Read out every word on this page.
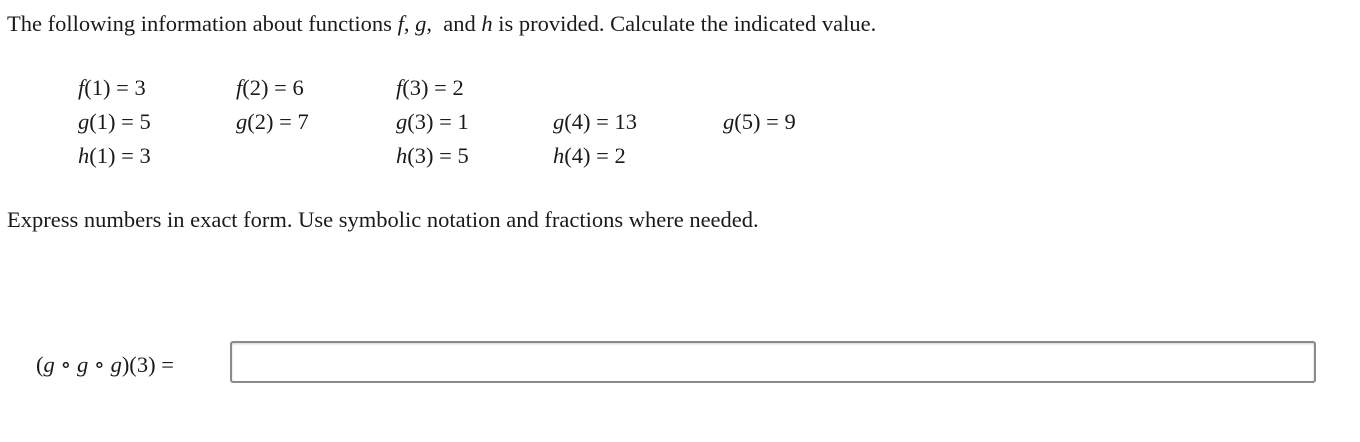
The following information about functions f, g, and h is provided. Calculate the indicated value.
f(1) = 3	f(2) = 6	f(3) = 2
g(1) = 5	g(2) = 7	g(3) = 1	g(4) = 13	g(5) = 9
h(1) = 3	h(3) = 5	h(4) = 2
Express numbers in exact form. Use symbolic notation and fractions where needed.
(g ∘ g ∘ g)(3) =
